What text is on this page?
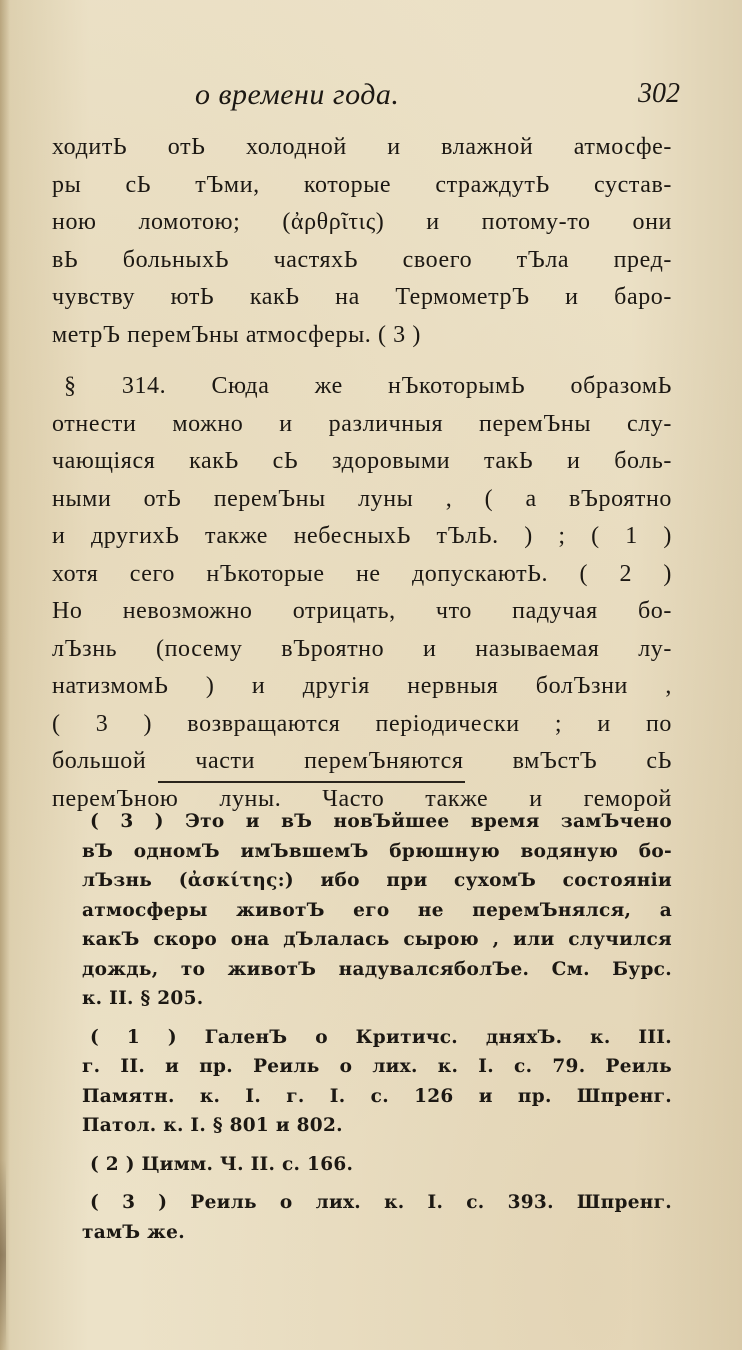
о времени года.	302
ходитЬ отЬ холодной и влажной атмосфе-
ры сЬ тЪми, которые страждутЬ сустав-
ною ломотою; (ἀρθρῖτις) и потому-то они
вЬ больныхЬ частяхЬ своего тЪла пред-
чувству ютЬ какЬ на ТермометрЪ и баро-
метрЪ перемЪны атмосферы. ( 3 )
§ 314. Сюда же нЪкоторымЬ образомЬ
отнести можно и различныя перемЪны слу-
чающіяся какЬ сЬ здоровыми такЬ и боль-
ными отЬ перемЪны луны , ( а вЪроятно
и другихЬ также небесныхЬ тЪлЬ. ) ; ( 1 )
хотя сего нЪкоторые не допускаютЬ. ( 2 )
Но невозможно отрицать, что падучая бо-
лЪзнь (посему вЪроятно и называемая лу-
натизмомЬ ) и другія нервныя болЪзни ,
( 3 ) возвращаются періодически ; и по
большой части перемЪняются вмЪстЪ сЬ
перемЪною луны. Часто также и геморой
( 3 ) Это и вЪ новЪйшее время замЪчено
вЪ одномЪ имЪвшемЪ брюшную водяную бо-
лЪзнь (ἀσκίτης:) ибо при сухомЪ состояніи
атмосферы животЪ его не перемЪнялся, а
какЪ скоро она дЪлалась сырою , или случился
дождь, то животЪ надувалсяболЪе. См. Бурс.
к. II. § 205.
( 1 ) ГаленЪ о Критичс. дняхЪ. к. III.
г. II. и пр. Реиль о лих. к. I. с. 79. Реиль
Памятн. к. I. г. I. с. 126 и пр. Шпренг.
Патол. к. I. § 801 и 802.
( 2 ) Цимм. Ч. II. с. 166.
( 3 ) Реиль о лих. к. I. с. 393. Шпренг.
тамЪ же.
